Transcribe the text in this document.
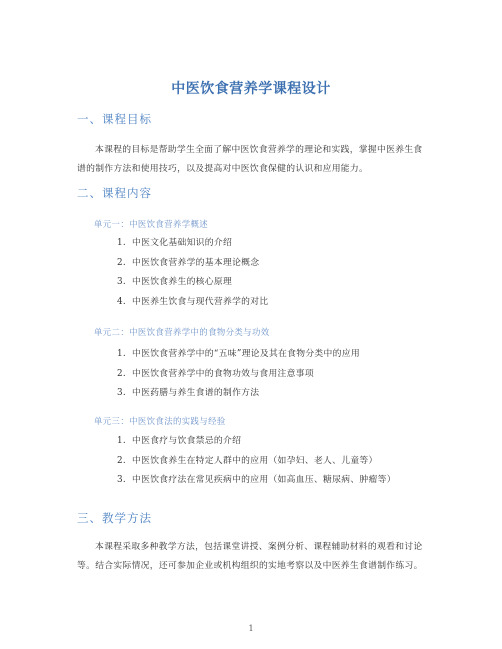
中医饮食营养学课程设计
一、课程目标
本课程的目标是帮助学生全面了解中医饮食营养学的理论和实践，掌握中医养生食谱的制作方法和使用技巧，以及提高对中医饮食保健的认识和应用能力。
二、课程内容
单元一：中医饮食营养学概述
1. 中医文化基础知识的介绍
2. 中医饮食营养学的基本理论概念
3. 中医饮食养生的核心原理
4. 中医养生饮食与现代营养学的对比
单元二：中医饮食营养学中的食物分类与功效
1. 中医饮食营养学中的“五味”理论及其在食物分类中的应用
2. 中医饮食营养学中的食物功效与食用注意事项
3. 中医药膳与养生食谱的制作方法
单元三：中医饮食法的实践与经验
1. 中医食疗与饮食禁忌的介绍
2. 中医饮食养生在特定人群中的应用（如孕妇、老人、儿童等）
3. 中医饮食疗法在常见疾病中的应用（如高血压、糖尿病、肿瘤等）
三、教学方法
本课程采取多种教学方法，包括课堂讲授、案例分析、课程辅助材料的观看和讨论等。结合实际情况，还可参加企业或机构组织的实地考察以及中医养生食谱制作练习。
1
